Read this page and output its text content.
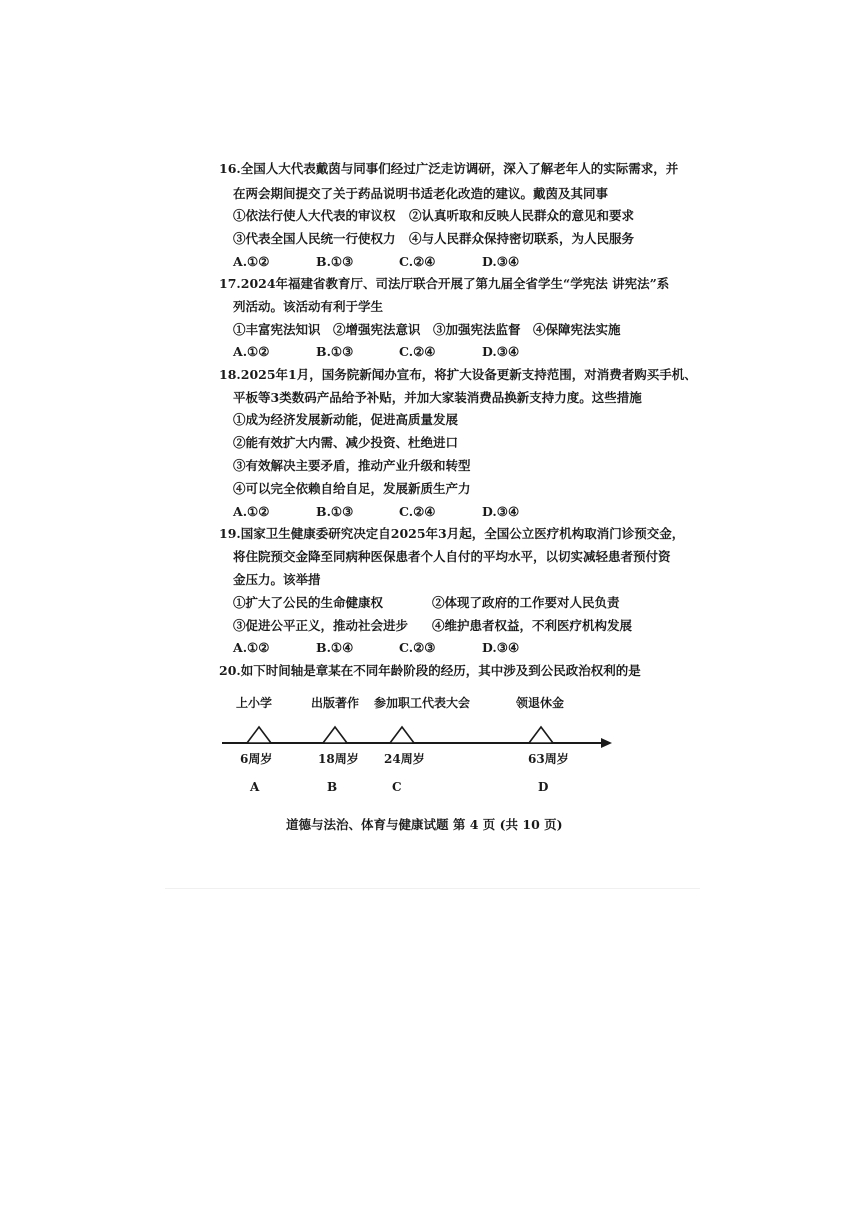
16.全国人大代表戴茵与同事们经过广泛走访调研，深入了解老年人的实际需求，并
在两会期间提交了关于药品说明书适老化改造的建议。戴茵及其同事
①依法行使人大代表的审议权 ②认真听取和反映人民群众的意见和要求
③代表全国人民统一行使权力 ④与人民群众保持密切联系，为人民服务
A.①②	B.①③	C.②④	D.③④
17.2024年福建省教育厅、司法厅联合开展了第九届全省学生“学宪法 讲宪法”系
列活动。该活动有利于学生
①丰富宪法知识 ②增强宪法意识 ③加强宪法监督 ④保障宪法实施
A.①②	B.①③	C.②④	D.③④
18.2025年1月，国务院新闻办宣布，将扩大设备更新支持范围，对消费者购买手机、
平板等3类数码产品给予补贴，并加大家装消费品换新支持力度。这些措施
①成为经济发展新动能，促进高质量发展
②能有效扩大内需、减少投资、杜绝进口
③有效解决主要矛盾，推动产业升级和转型
④可以完全依赖自给自足，发展新质生产力
A.①②	B.①③	C.②④	D.③④
19.国家卫生健康委研究决定自2025年3月起，全国公立医疗机构取消门诊预交金，
将住院预交金降至同病种医保患者个人自付的平均水平，以切实减轻患者预付资
金压力。该举措
①扩大了公民的生命健康权	②体现了政府的工作要对人民负责
③促进公平正义，推动社会进步 ④维护患者权益，不利医疗机构发展
A.①②	B.①④	C.②③	D.③④
20.如下时间轴是章某在不同年龄阶段的经历，其中涉及到公民政治权利的是
上小学	出版著作 参加职工代表大会	领退休金
6周岁	18周岁 24周岁	63周岁
A	B	C	D
道德与法治、体育与健康试题 第 4 页 (共 10 页)
